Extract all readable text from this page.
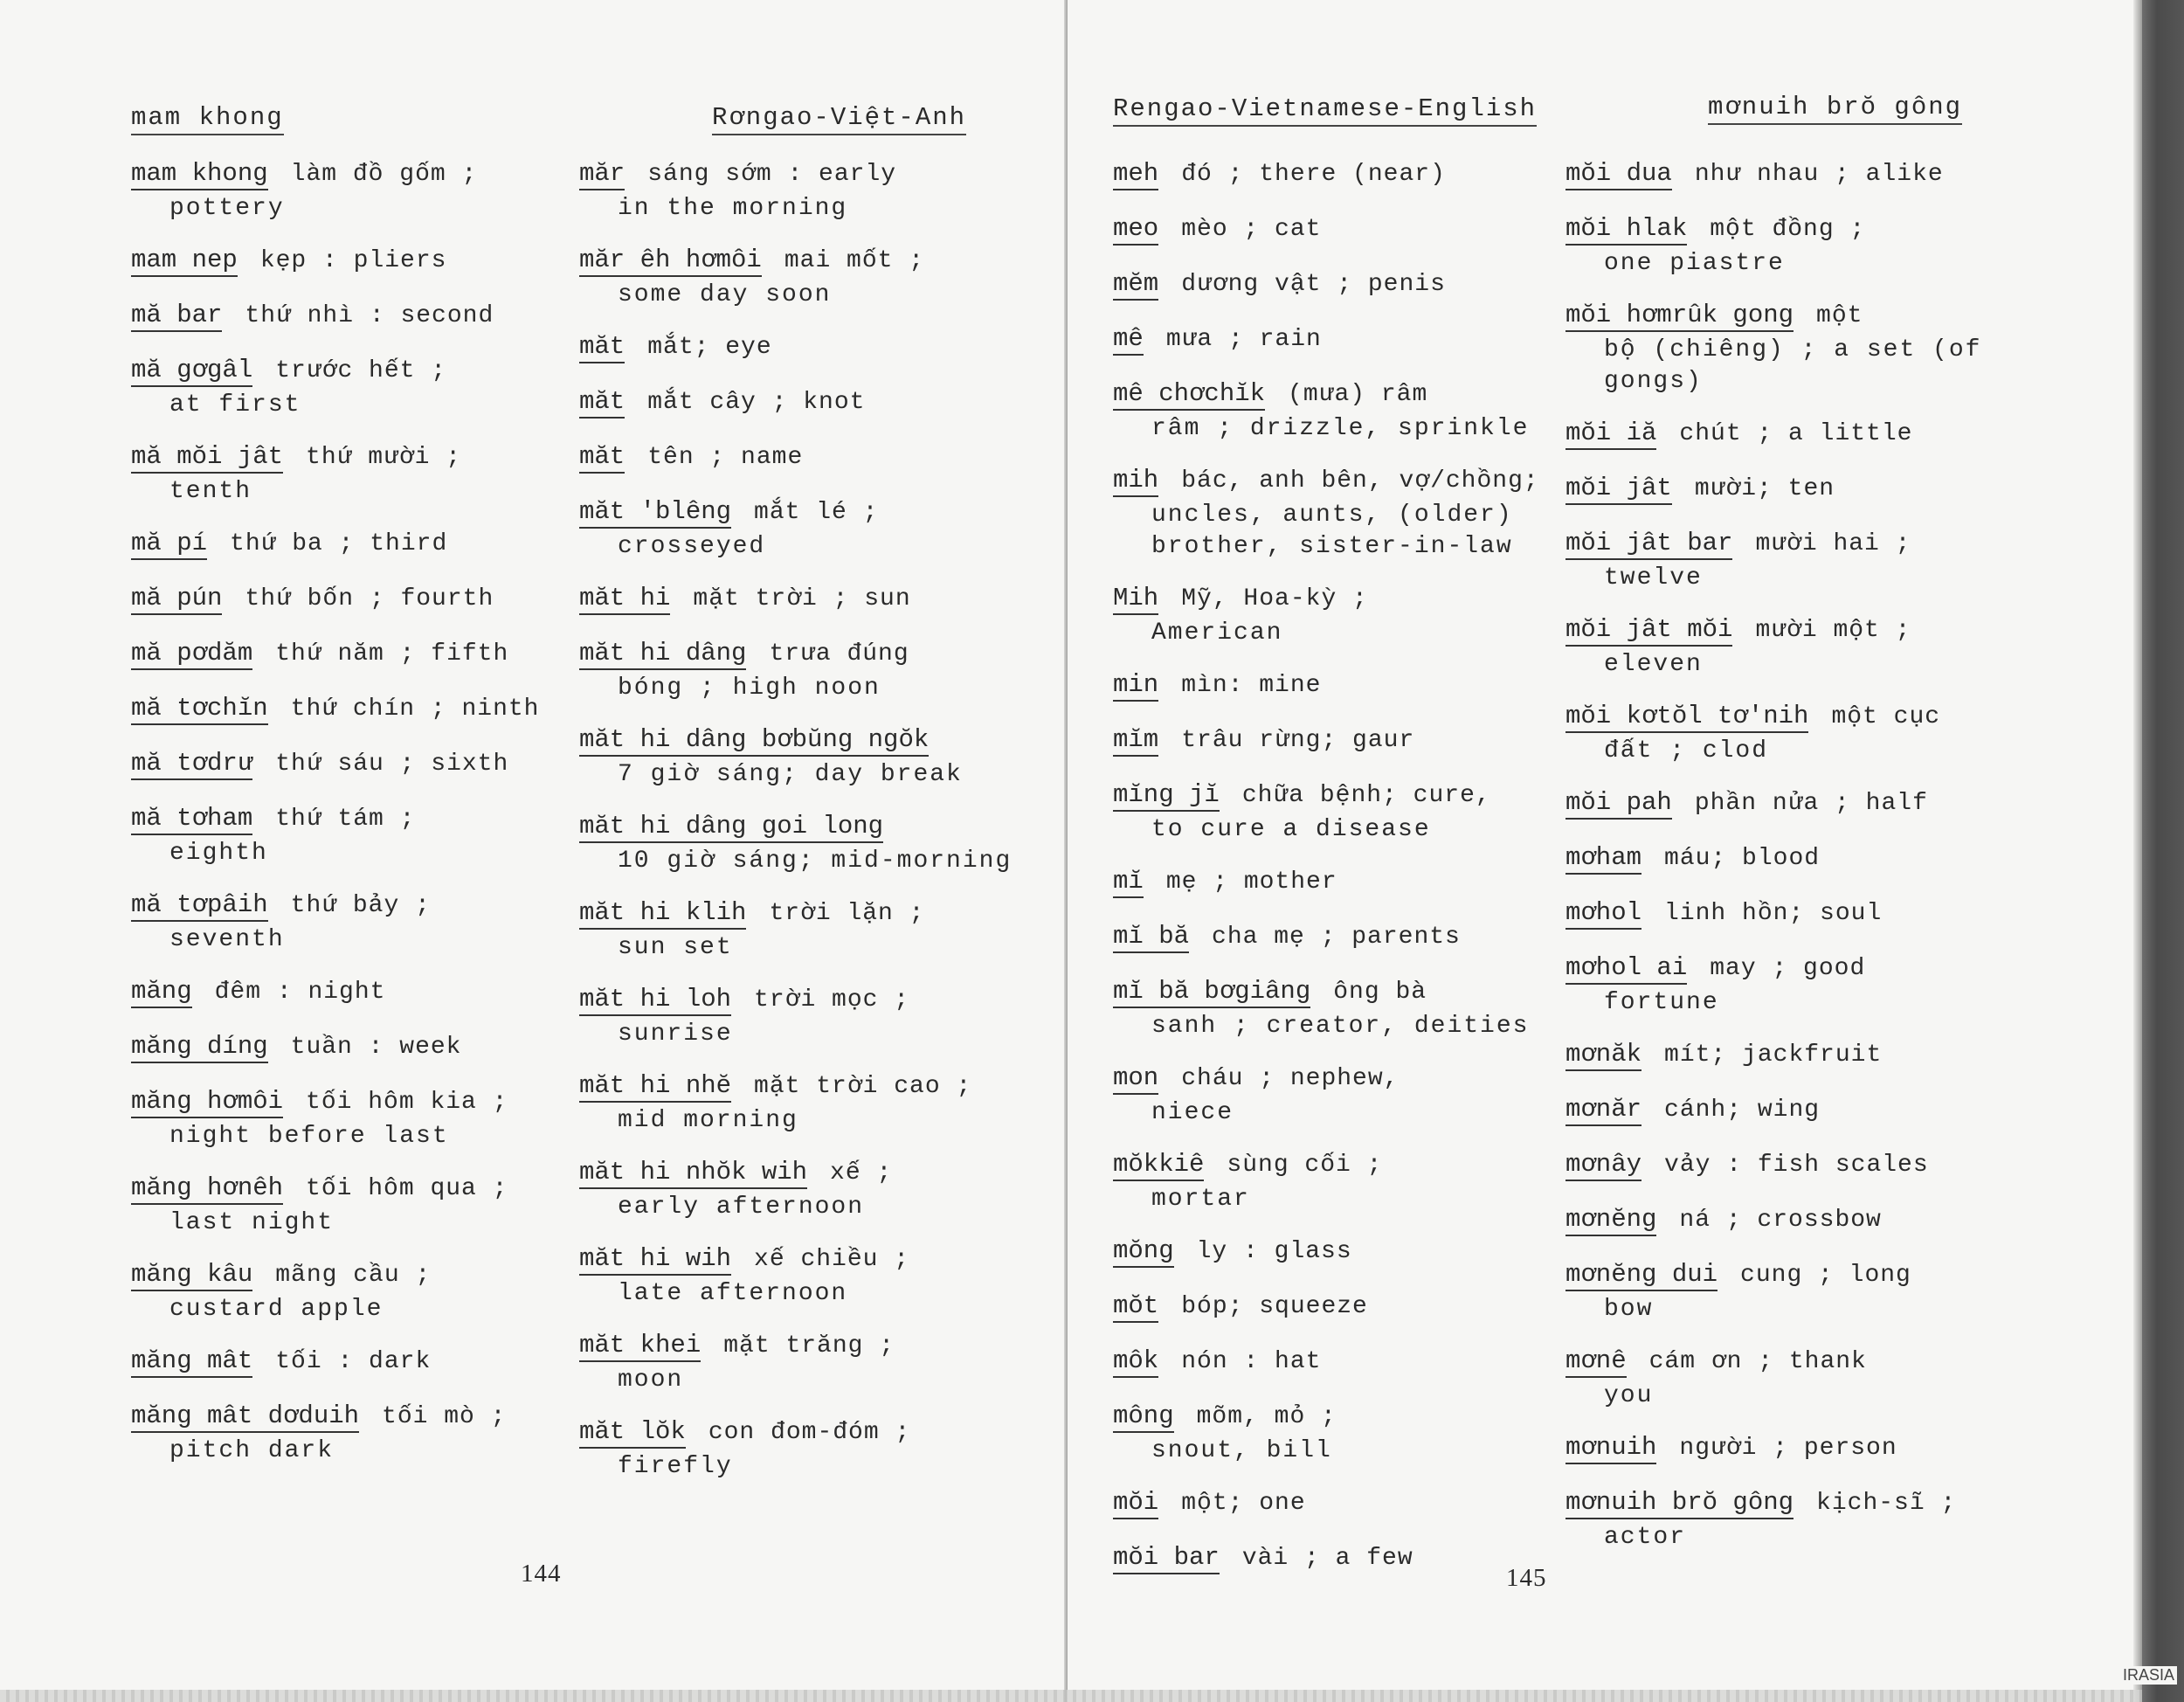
mam khong	Rơngao-Việt-Anh
mam khong làm đồ gốm ;
pottery
mam nep kẹp : pliers
mă bar thứ nhì : second
mă gơgâl trước hết ;
at first
mă mŏi jât thứ mười ;
tenth
mă pí thứ ba ; third
mă pún thứ bốn ; fourth
mă pơdăm thứ năm ; fifth
mă tơchĭn thứ chín ; ninth
mă tơdrư thứ sáu ; sixth
mă tơham thứ tám ;
eighth
mă tơpâih thứ bảy ;
seventh
măng đêm : night
măng díng tuần : week
măng hơmôi tối hôm kia ;
night before last
măng hơnêh tối hôm qua ;
last night
măng kâu mãng cầu ;
custard apple
măng mât tối : dark
măng mât dơduih tối mò ;
pitch dark
măr sáng sớm : early
in the morning
măr êh hơmôi mai mốt ;
some day soon
măt mắt; eye
măt mắt cây ; knot
măt tên ; name
măt 'blêng mắt lé ;
crosseyed
măt hi mặt trời ; sun
măt hi dâng trưa đúng
bóng ; high noon
măt hi dâng bơbŭng ngŏk
7 giờ sáng; day break
măt hi dâng goi long
10 giờ sáng; mid-morning
măt hi klih trời lặn ;
sun set
măt hi loh trời mọc ;
sunrise
măt hi nhĕ mặt trời cao ;
mid morning
măt hi nhŏk wih xế ;
early afternoon
măt hi wih xế chiều ;
late afternoon
măt khei mặt trăng ;
moon
măt lŏk con đom-đóm ;
firefly
144
Rengao-Vietnamese-English	mơnuih brŏ gông
meh đó ; there (near)
meo mèo ; cat
mĕm dương vật ; penis
mê mưa ; rain
mê chơchĭk (mưa) râm
râm ; drizzle, sprinkle
mih bác, anh bên, vợ/chồng;
uncles, aunts, (older) brother, sister-in-law
Mih Mỹ, Hoa-kỳ ;
American
min mìn: mine
mĭm trâu rừng; gaur
mĭng jĭ chữa bệnh; cure,
to cure a disease
mĭ mẹ ; mother
mĭ bă cha mẹ ; parents
mĭ bă bơgiâng ông bà
sanh ; creator, deities
mon cháu ; nephew,
niece
mŏkkiê sùng cối ;
mortar
mŏng ly : glass
mŏt bóp; squeeze
môk nón : hat
mông mõm, mỏ ;
snout, bill
mŏi một; one
mŏi bar vài ; a few
mŏi dua như nhau ; alike
mŏi hlak một đồng ;
one piastre
mŏi hơmrûk gong một
bộ (chiêng) ; a set (of gongs)
mŏi iă chút ; a little
mŏi jât mười; ten
mŏi jât bar mười hai ;
twelve
mŏi jât mŏi mười một ;
eleven
mŏi kơtŏl tơ'nih một cục
đất ; clod
mŏi pah phần nửa ; half
mơham máu; blood
mơhol linh hồn; soul
mơhol ai may ; good
fortune
mơnăk mít; jackfruit
mơnăr cánh; wing
mơnây vảy : fish scales
mơnĕng ná ; crossbow
mơnĕng dui cung ; long
bow
mơnê cám ơn ; thank
you
mơnuih người ; person
mơnuih brŏ gông kịch-sĩ ;
actor
145
IRASIA
